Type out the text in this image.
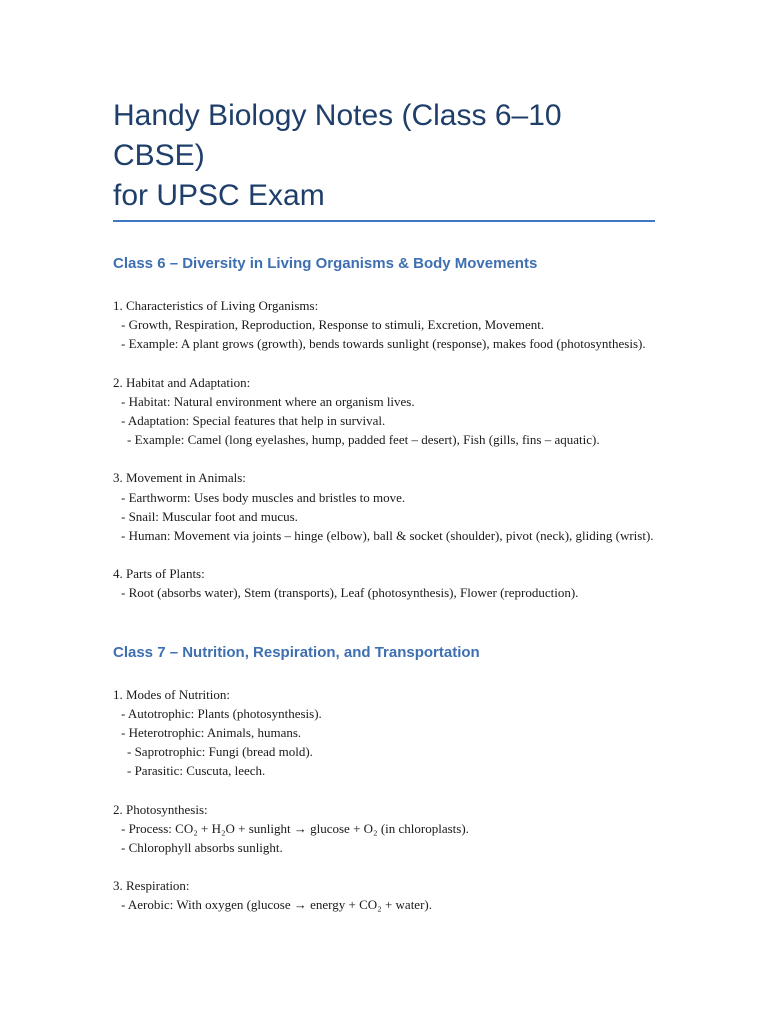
Handy Biology Notes (Class 6–10 CBSE)
for UPSC Exam
Class 6 – Diversity in Living Organisms & Body Movements
1. Characteristics of Living Organisms:
- Growth, Respiration, Reproduction, Response to stimuli, Excretion, Movement.
- Example: A plant grows (growth), bends towards sunlight (response), makes food (photosynthesis).
2. Habitat and Adaptation:
- Habitat: Natural environment where an organism lives.
- Adaptation: Special features that help in survival.
- Example: Camel (long eyelashes, hump, padded feet – desert), Fish (gills, fins – aquatic).
3. Movement in Animals:
- Earthworm: Uses body muscles and bristles to move.
- Snail: Muscular foot and mucus.
- Human: Movement via joints – hinge (elbow), ball & socket (shoulder), pivot (neck), gliding (wrist).
4. Parts of Plants:
- Root (absorbs water), Stem (transports), Leaf (photosynthesis), Flower (reproduction).
Class 7 – Nutrition, Respiration, and Transportation
1. Modes of Nutrition:
- Autotrophic: Plants (photosynthesis).
- Heterotrophic: Animals, humans.
- Saprotrophic: Fungi (bread mold).
- Parasitic: Cuscuta, leech.
2. Photosynthesis:
- Process: CO₂ + H₂O + sunlight → glucose + O₂ (in chloroplasts).
- Chlorophyll absorbs sunlight.
3. Respiration:
- Aerobic: With oxygen (glucose → energy + CO₂ + water).
